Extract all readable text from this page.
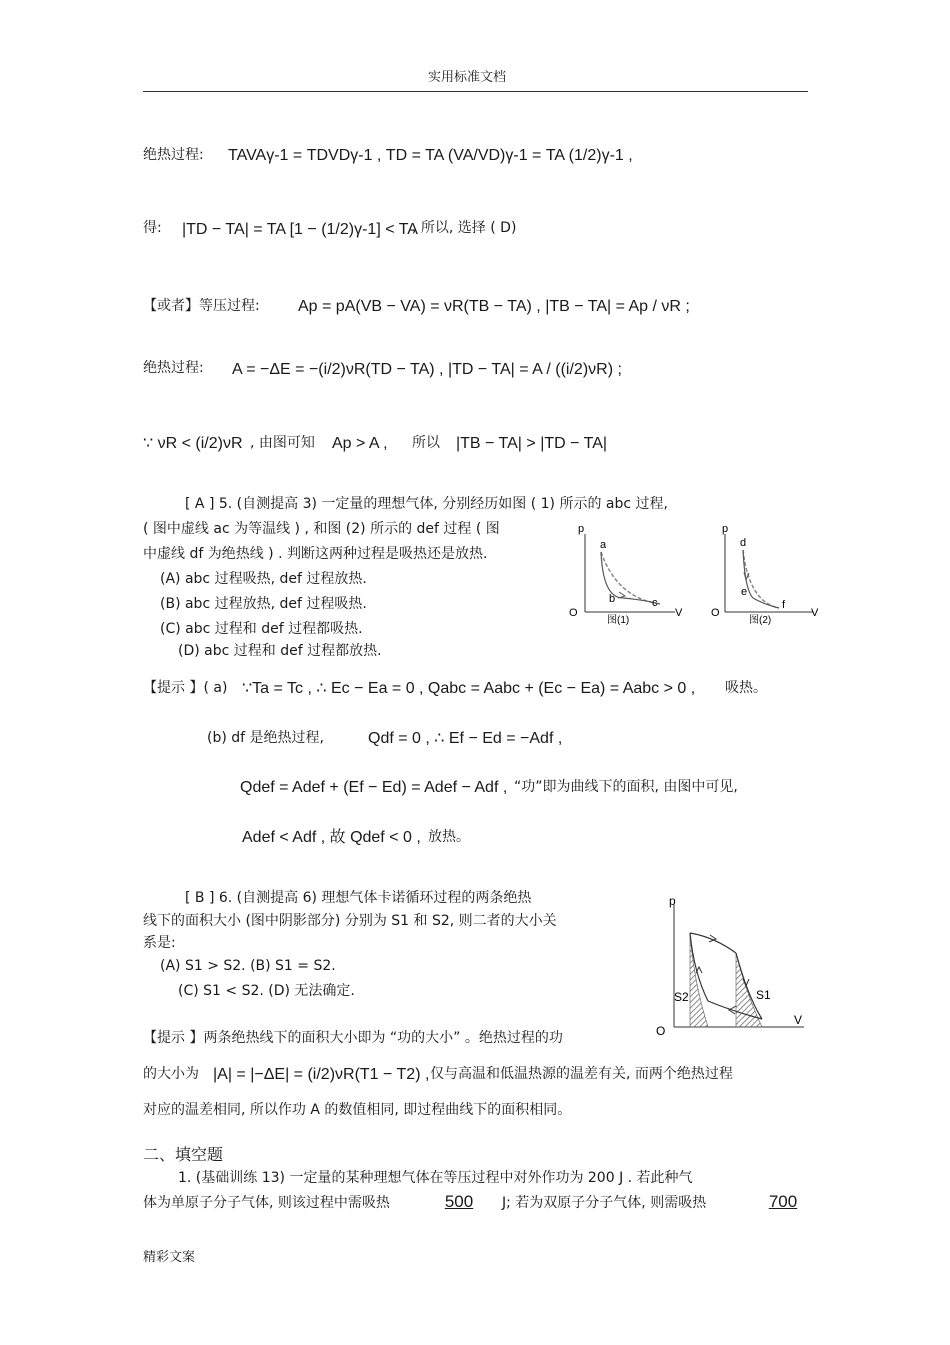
实用标准文档
绝热过程: TAVAγ-1 = TDVDγ-1 , TD = TA (VA/VD)γ-1 = TA (1/2)γ-1 ,
得: |TD − TA| = TA [1 − (1/2)γ-1] < TA
, 所以, 选择 ( D)
【或者】等压过程: Ap = pA(VB − VA) = νR(TB − TA) , |TB − TA| = Ap / νR ;
绝热过程: A = −ΔE = −(i/2)νR(TD − TA) , |TD − TA| = A / ((i/2)νR) ;
∵ νR < (i/2)νR , 由图可知 Ap > A , 所以 |TB − TA| > |TD − TA|
[ A ] 5. (自测提高 3) 一定量的理想气体, 分别经历如图 ( 1) 所示的 abc 过程,
( 图中虚线 ac 为等温线 ) , 和图 (2) 所示的 def 过程 ( 图
中虚线 df 为绝热线 ) . 判断这两种过程是吸热还是放热.
(A) abc 过程吸热, def 过程放热.
(B) abc 过程放热, def 过程吸热.
(C) abc 过程和 def 过程都吸热.
(D) abc 过程和 def 过程都放热.
p
O	V
a
b	c
图(1)
p
O	V
d
e
f
图(2)
【提示 】( a) ∵Ta = Tc , ∴ Ec − Ea = 0 , Qabc = Aabc + (Ec − Ea) = Aabc > 0 , 吸热。
(b) df 是绝热过程,	Qdf = 0 , ∴ Ef − Ed = −Adf ,
Qdef = Adef + (Ef − Ed) = Adef − Adf , “功”即为曲线下的面积, 由图中可见,
Adef < Adf , 故 Qdef < 0 , 放热。
[ B ] 6. (自测提高 6) 理想气体卡诺循环过程的两条绝热
线下的面积大小 (图中阴影部分) 分别为 S1 和 S2, 则二者的大小关
系是:
(A) S1 > S2. (B) S1 = S2.
(C) S1 < S2. (D) 无法确定.
p
O
V
S2	S1
【提示 】两条绝热线下的面积大小即为 “功的大小” 。绝热过程的功
的大小为 |A| = |−ΔE| = (i/2)νR(T1 − T2) , 仅与高温和低温热源的温差有关, 而两个绝热过程
对应的温差相同, 所以作功 A 的数值相同, 即过程曲线下的面积相同。
二、填空题
1. (基础训练 13) 一定量的某种理想气体在等压过程中对外作功为 200 J . 若此种气
体为单原子分子气体, 则该过程中需吸热	500 J; 若为双原子分子气体, 则需吸热	700
精彩文案
